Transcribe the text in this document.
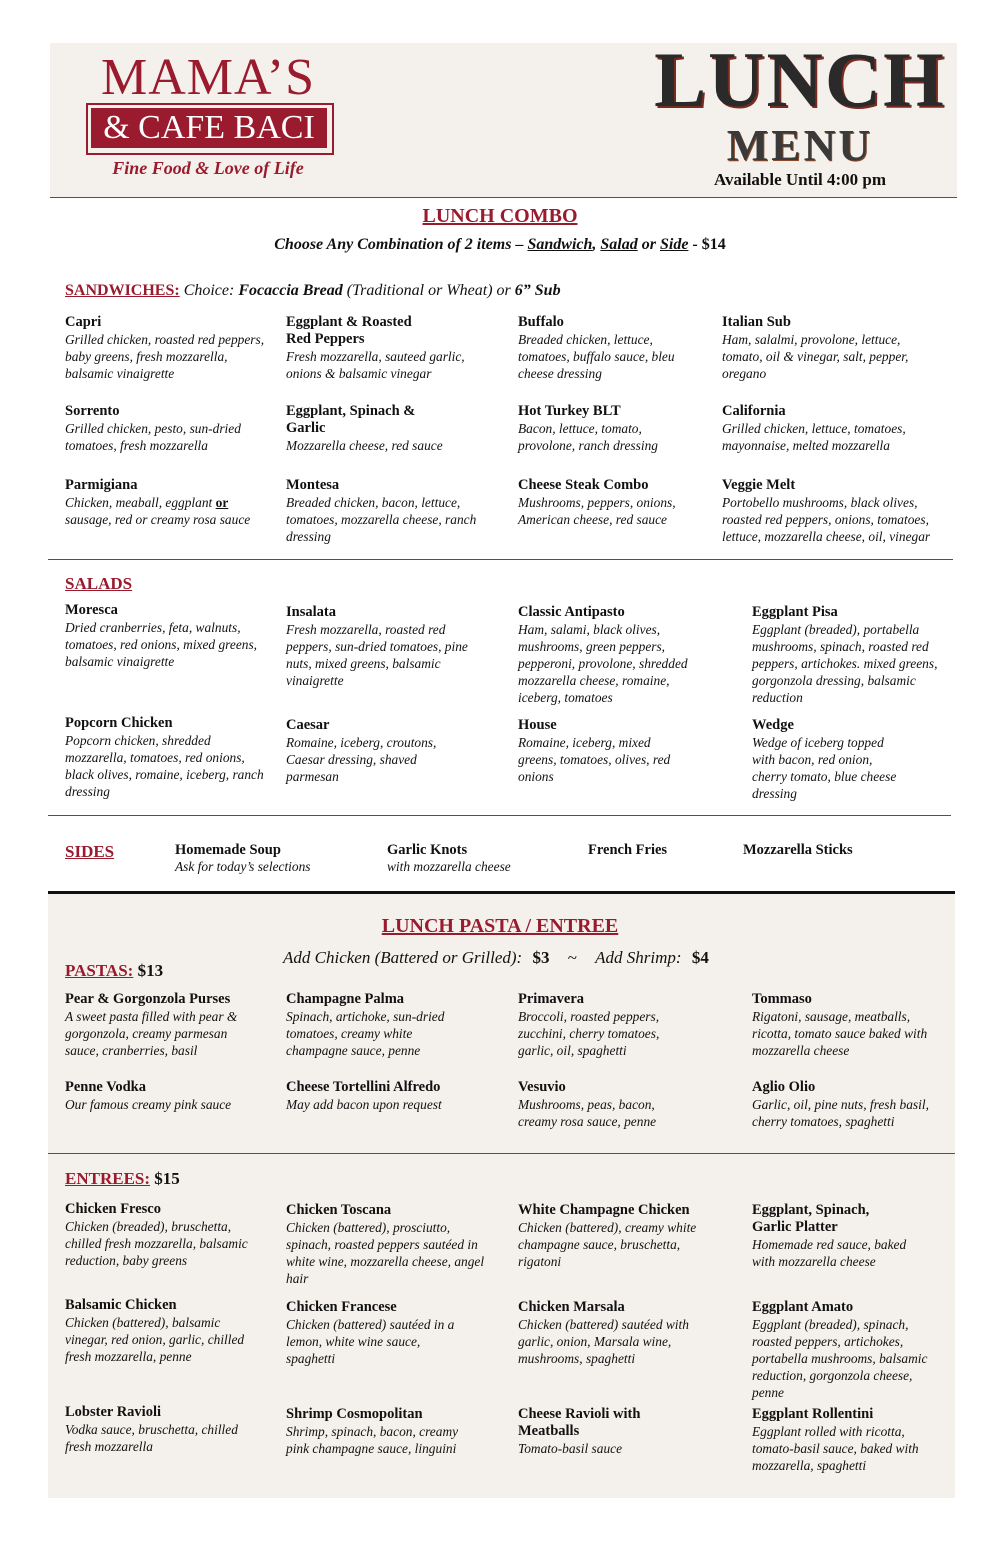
MAMA’S
& CAFE BACI
Fine Food & Love of Life
LUNCH
MENU
Available Until 4:00 pm
LUNCH COMBO
Choose Any Combination of 2 items – Sandwich, Salad or Side - $14
SANDWICHES: Choice: Focaccia Bread (Traditional or Wheat) or 6” Sub
Capri
Grilled chicken, roasted red peppers, baby greens, fresh mozzarella, balsamic vinaigrette
Eggplant & Roasted Red Peppers
Fresh mozzarella, sauteed garlic, onions & balsamic vinegar
Buffalo
Breaded chicken, lettuce, tomatoes, buffalo sauce, bleu cheese dressing
Italian Sub
Ham, salalmi, provolone, lettuce, tomato, oil & vinegar, salt, pepper, oregano
Sorrento
Grilled chicken, pesto, sun-dried tomatoes, fresh mozzarella
Eggplant, Spinach & Garlic
Mozzarella cheese, red sauce
Hot Turkey BLT
Bacon, lettuce, tomato, provolone, ranch dressing
California
Grilled chicken, lettuce, tomatoes, mayonnaise, melted mozzarella
Parmigiana
Chicken, meaball, eggplant or sausage, red or creamy rosa sauce
Montesa
Breaded chicken, bacon, lettuce, tomatoes, mozzarella cheese, ranch dressing
Cheese Steak Combo
Mushrooms, peppers, onions, American cheese, red sauce
Veggie Melt
Portobello mushrooms, black olives, roasted red peppers, onions, tomatoes, lettuce, mozzarella cheese, oil, vinegar
SALADS
Moresca
Dried cranberries, feta, walnuts, tomatoes, red onions, mixed greens, balsamic vinaigrette
Insalata
Fresh mozzarella, roasted red peppers, sun-dried tomatoes, pine nuts, mixed greens, balsamic vinaigrette
Classic Antipasto
Ham, salami, black olives, mushrooms, green peppers, pepperoni, provolone, shredded mozzarella cheese, romaine, iceberg, tomatoes
Eggplant Pisa
Eggplant (breaded), portabella mushrooms, spinach, roasted red peppers, artichokes. mixed greens, gorgonzola dressing, balsamic reduction
Popcorn Chicken
Popcorn chicken, shredded mozzarella, tomatoes, red onions, black olives, romaine, iceberg, ranch dressing
Caesar
Romaine, iceberg, croutons, Caesar dressing, shaved parmesan
House
Romaine, iceberg, mixed greens, tomatoes, olives, red onions
Wedge
Wedge of iceberg topped with bacon, red onion, cherry tomato, blue cheese dressing
SIDES	Homemade Soup
Ask for today’s selections
Garlic Knots
with mozzarella cheese
French Fries	Mozzarella Sticks
LUNCH PASTA / ENTREE
Add Chicken (Battered or Grilled): $3 ~ Add Shrimp: $4
PASTAS: $13
Pear & Gorgonzola Purses
A sweet pasta filled with pear & gorgonzola, creamy parmesan sauce, cranberries, basil
Champagne Palma
Spinach, artichoke, sun-dried tomatoes, creamy white champagne sauce, penne
Primavera
Broccoli, roasted peppers, zucchini, cherry tomatoes, garlic, oil, spaghetti
Tommaso
Rigatoni, sausage, meatballs, ricotta, tomato sauce baked with mozzarella cheese
Penne Vodka
Our famous creamy pink sauce
Cheese Tortellini Alfredo
May add bacon upon request
Vesuvio
Mushrooms, peas, bacon, creamy rosa sauce, penne
Aglio Olio
Garlic, oil, pine nuts, fresh basil, cherry tomatoes, spaghetti
ENTREES: $15
Chicken Fresco
Chicken (breaded), bruschetta, chilled fresh mozzarella, balsamic reduction, baby greens
Chicken Toscana
Chicken (battered), prosciutto, spinach, roasted peppers sautéed in white wine, mozzarella cheese, angel hair
White Champagne Chicken
Chicken (battered), creamy white champagne sauce, bruschetta, rigatoni
Eggplant, Spinach, Garlic Platter
Homemade red sauce, baked with mozzarella cheese
Balsamic Chicken
Chicken (battered), balsamic vinegar, red onion, garlic, chilled fresh mozzarella, penne
Chicken Francese
Chicken (battered) sautéed in a lemon, white wine sauce, spaghetti
Chicken Marsala
Chicken (battered) sautéed with garlic, onion, Marsala wine, mushrooms, spaghetti
Eggplant Amato
Eggplant (breaded), spinach, roasted peppers, artichokes, portabella mushrooms, balsamic reduction, gorgonzola cheese, penne
Lobster Ravioli
Vodka sauce, bruschetta, chilled fresh mozzarella
Shrimp Cosmopolitan
Shrimp, spinach, bacon, creamy pink champagne sauce, linguini
Cheese Ravioli with Meatballs
Tomato-basil sauce
Eggplant Rollentini
Eggplant rolled with ricotta, tomato-basil sauce, baked with mozzarella, spaghetti
